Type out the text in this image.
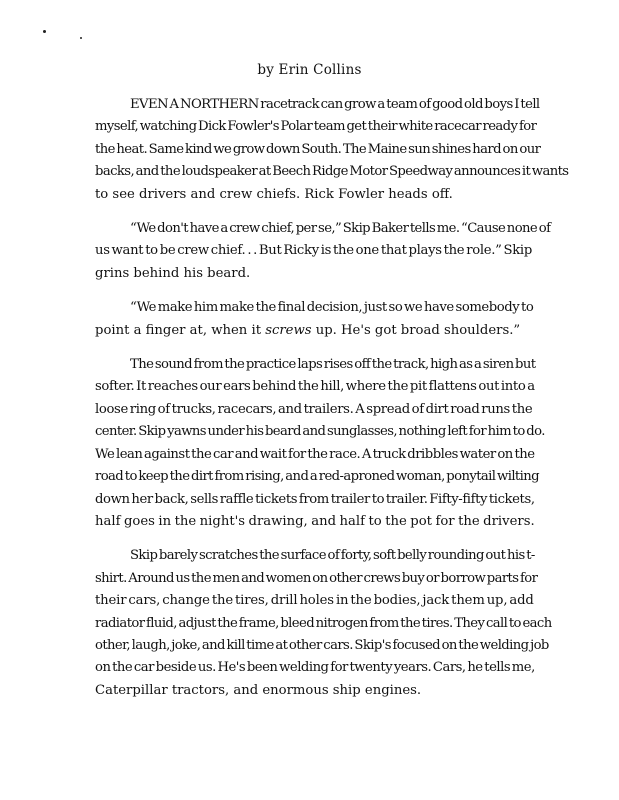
by Erin Collins

EVEN A NORTHERN racetrack can grow a team of good old boys I tell
myself, watching Dick Fowler's Polar team get their white racecar ready for
the heat. Same kind we grow down South. The Maine sun shines hard on our
backs, and the loudspeaker at Beech Ridge Motor Speedway announces it wants
to see drivers and crew chiefs. Rick Fowler heads off.

“We don't have a crew chief, per se,” Skip Baker tells me. “Cause none of
us want to be crew chief. . . But Ricky is the one that plays the role.” Skip
grins behind his beard.

“We make him make the final decision, just so we have somebody to
point a finger at, when it screws up. He's got broad shoulders.”

The sound from the practice laps rises off the track, high as a siren but
softer. It reaches our ears behind the hill, where the pit flattens out into a
loose ring of trucks, racecars, and trailers. A spread of dirt road runs the
center. Skip yawns under his beard and sunglasses, nothing left for him to do.
We lean against the car and wait for the race. A truck dribbles water on the
road to keep the dirt from rising, and a red-aproned woman, ponytail wilting
down her back, sells raffle tickets from trailer to trailer. Fifty-fifty tickets,
half goes in the night's drawing, and half to the pot for the drivers.

Skip barely scratches the surface of forty, soft belly rounding out his t-
shirt. Around us the men and women on other crews buy or borrow parts for
their cars, change the tires, drill holes in the bodies, jack them up, add
radiator fluid, adjust the frame, bleed nitrogen from the tires. They call to each
other, laugh, joke, and kill time at other cars. Skip's focused on the welding job
on the car beside us. He's been welding for twenty years. Cars, he tells me,
Caterpillar tractors, and enormous ship engines.
